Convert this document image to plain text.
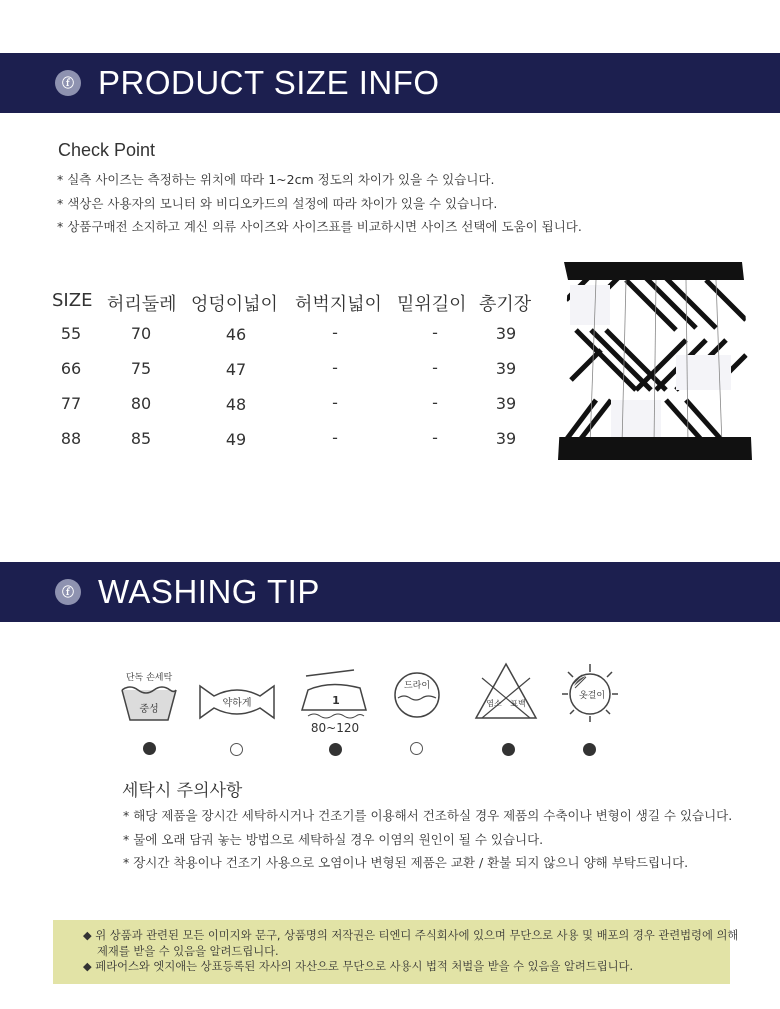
ⓕ PRODUCT SIZE INFO
Check Point
* 실측 사이즈는 측정하는 위치에 따라 1~2cm 정도의 차이가 있을 수 있습니다.
* 색상은 사용자의 모니터 와 비디오카드의 설정에 따라 차이가 있을 수 있습니다.
* 상품구매전 소지하고 계신 의류 사이즈와 사이즈표를 비교하시면 사이즈 선택에 도움이 됩니다.
SIZE 허리둘레 엉덩이넓이 허벅지넓이 밑위길이 총기장
55	70	46	-	-	39
66	75	47	-	-	39
77	80	48	-	-	39
88	85	49	-	-	39
ⓕ WASHING TIP
단독 손세탁
중성
약하게	1
80~120
드라이
염소 표백
옷걸이
세탁시 주의사항
* 해당 제품을 장시간 세탁하시거나 건조기를 이용해서 건조하실 경우 제품의 수축이나 변형이 생길 수 있습니다.
* 물에 오래 담궈 놓는 방법으로 세탁하실 경우 이염의 원인이 될 수 있습니다.
* 장시간 착용이나 건조기 사용으로 오염이나 변형된 제품은 교환 / 환불 되지 않으니 양해 부탁드립니다.
◆ 위 상품과 관련된 모든 이미지와 문구, 상품명의 저작권은 티엔디 주식회사에 있으며 무단으로 사용 및 배포의 경우 관련법령에 의해
제재를 받을 수 있음을 알려드립니다.
◆ 페라어스와 엣지애는 상표등록된 자사의 자산으로 무단으로 사용시 법적 처벌을 받을 수 있음을 알려드립니다.
